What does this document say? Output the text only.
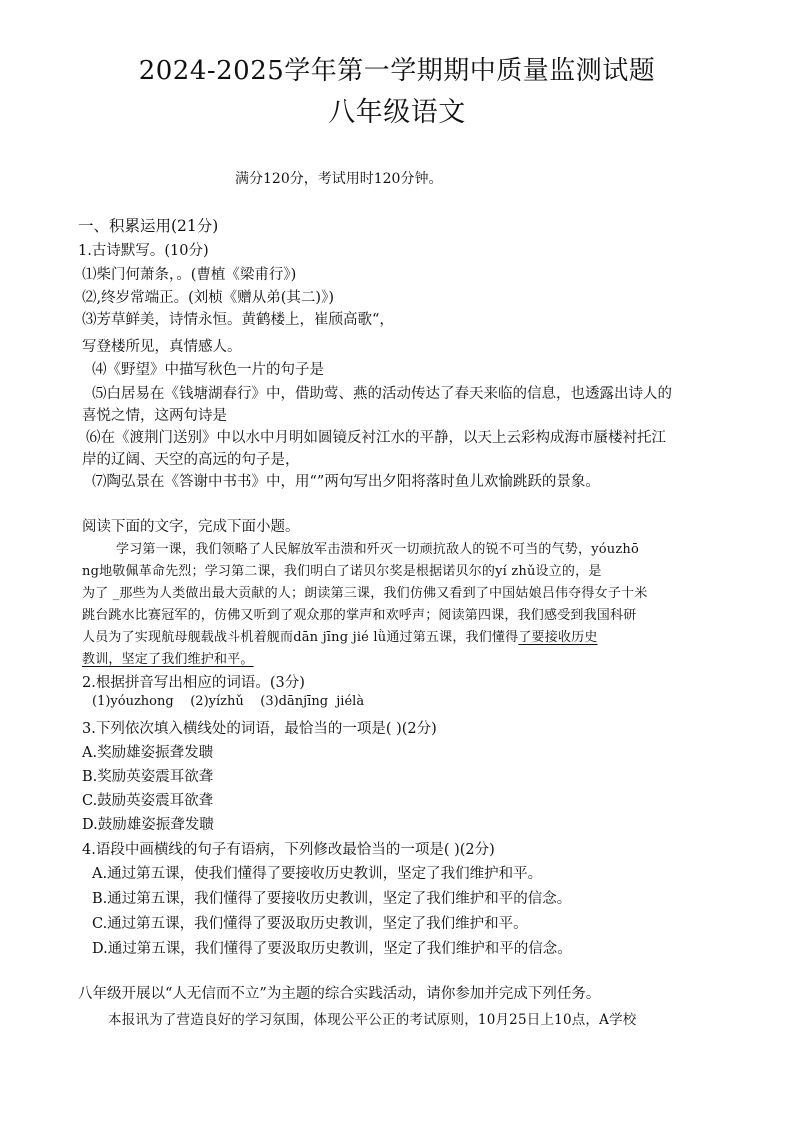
2024-2025学年第一学期期中质量监测试题
八年级语文
满分120分，考试用时120分钟。
一、积累运用(21分)
1.古诗默写。(10分)
⑴柴门何萧条，。(曹植《梁甫行》)
⑵,终岁常端正。(刘桢《赠从弟(其二)》)
⑶芳草鲜美，诗情永恒。黄鹤楼上，崔颀高歌“，
写登楼所见，真情感人。
⑷《野望》中描写秋色一片的句子是
⑸白居易在《钱塘湖春行》中，借助莺、燕的活动传达了春天来临的信息，也透露出诗人的
喜悦之情，这两句诗是
⑹在《渡荆门送别》中以水中月明如圆镜反衬江水的平静，以天上云彩构成海市蜃楼衬托江
岸的辽阔、天空的高远的句子是，
⑺陶弘景在《答谢中书书》中，用“”两句写出夕阳将落时鱼儿欢愉跳跃的景象。
阅读下面的文字，完成下面小题。
学习第一课，我们领略了人民解放军击溃和歼灭一切顽抗敌人的锐不可当的气势，yóuzhō
ng地敬佩革命先烈；学习第二课，我们明白了诺贝尔奖是根据诺贝尔的yí zhǔ设立的，是
为了 _那些为人类做出最大贡献的人；朗读第三课，我们仿佛又看到了中国姑娘吕伟夺得女子十米
跳台跳水比赛冠军的，仿佛又听到了观众那的掌声和欢呼声；阅读第四课，我们感受到我国科研
人员为了实现航母舰载战斗机着舰而dān jīng jié lǜ通过第五课，我们懂得了要接收历史
教训，坚定了我们维护和平。
2.根据拼音写出相应的词语。(3分)
(1)yóuzhong    (2)yízhǔ    (3)dānjīng  jiélà
3.下列依次填入横线处的词语，最恰当的一项是( )(2分)
A.奖励雄姿振聋发聩
B.奖励英姿震耳欲聋
C.鼓励英姿震耳欲聋
D.鼓励雄姿振聋发聩
4.语段中画横线的句子有语病，下列修改最恰当的一项是( )(2分)
A.通过第五课，使我们懂得了要接收历史教训，坚定了我们维护和平。
B.通过第五课，我们懂得了要接收历史教训，坚定了我们维护和平的信念。
C.通过第五课，我们懂得了要汲取历史教训，坚定了我们维护和平。
D.通过第五课，我们懂得了要汲取历史教训，坚定了我们维护和平的信念。
八年级开展以“人无信而不立”为主题的综合实践活动，请你参加并完成下列任务。
本报讯为了营造良好的学习氛围，体现公平公正的考试原则，10月25日上10点，A学校
